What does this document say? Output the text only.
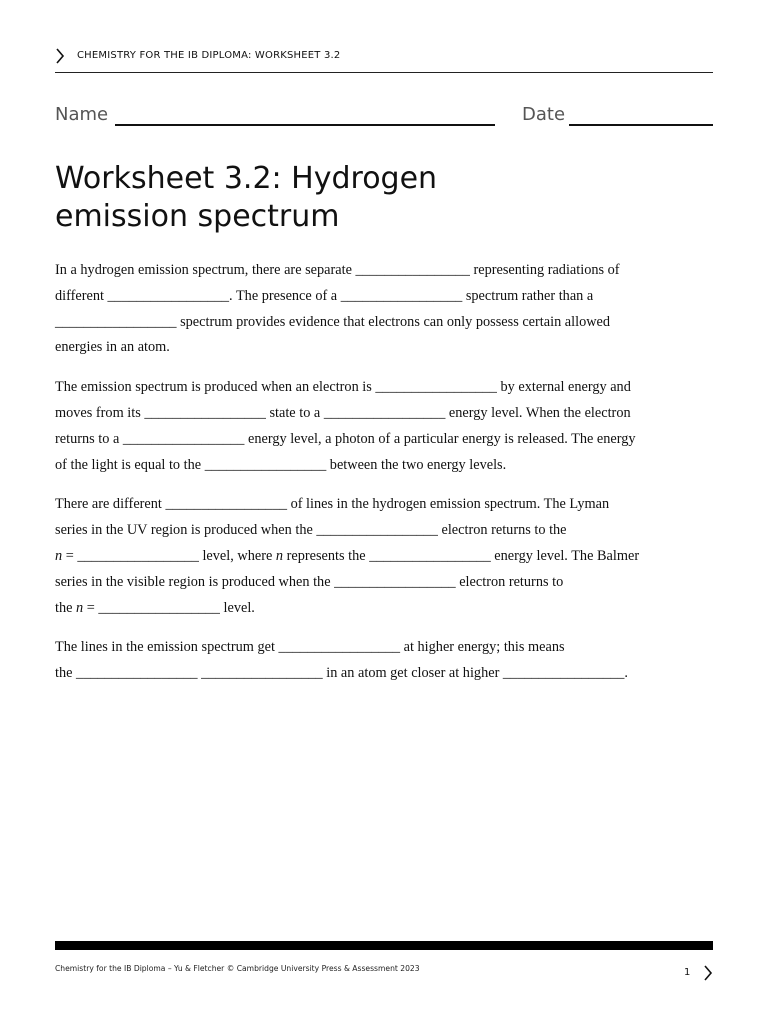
CHEMISTRY FOR THE IB DIPLOMA: WORKSHEET 3.2
Name	Date
Worksheet 3.2: Hydrogen
emission spectrum

In a hydrogen emission spectrum, there are separate ________________ representing radiations of
different _________________. The presence of a _________________ spectrum rather than a
_________________ spectrum provides evidence that electrons can only possess certain allowed
energies in an atom.

The emission spectrum is produced when an electron is _________________ by external energy and
moves from its _________________ state to a _________________ energy level. When the electron
returns to a _________________ energy level, a photon of a particular energy is released. The energy
of the light is equal to the _________________ between the two energy levels.

There are different _________________ of lines in the hydrogen emission spectrum. The Lyman
series in the UV region is produced when the _________________ electron returns to the
n = _________________ level, where n represents the _________________ energy level. The Balmer
series in the visible region is produced when the _________________ electron returns to
the n = _________________ level.

The lines in the emission spectrum get _________________ at higher energy; this means
the _________________ _________________ in an atom get closer at higher _________________.

Chemistry for the IB Diploma – Yu & Fletcher © Cambridge University Press & Assessment 2023	1
